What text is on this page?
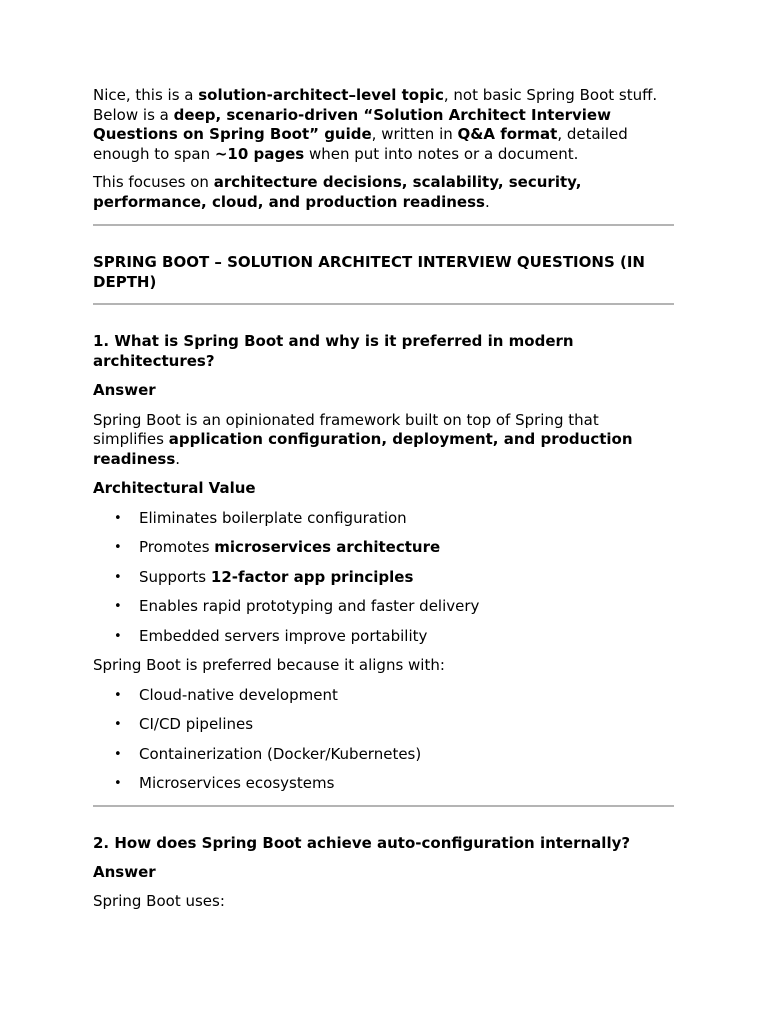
Nice, this is a solution-architect–level topic, not basic Spring Boot stuff.

Below is a deep, scenario-driven “Solution Architect Interview Questions on Spring Boot” guide, written in Q&A format, detailed enough to span ~10 pages when put into notes or a document.

This focuses on architecture decisions, scalability, security, performance, cloud, and production readiness.

SPRING BOOT – SOLUTION ARCHITECT INTERVIEW QUESTIONS (IN DEPTH)
1. What is Spring Boot and why is it preferred in modern architectures?

Answer

Spring Boot is an opinionated framework built on top of Spring that simplifies application configuration, deployment, and production readiness.

Architectural Value

• Eliminates boilerplate configuration
• Promotes microservices architecture
• Supports 12-factor app principles
• Enables rapid prototyping and faster delivery
• Embedded servers improve portability

Spring Boot is preferred because it aligns with:

• Cloud-native development
• CI/CD pipelines
• Containerization (Docker/Kubernetes)
• Microservices ecosystems
2. How does Spring Boot achieve auto-configuration internally?

Answer

Spring Boot uses:
